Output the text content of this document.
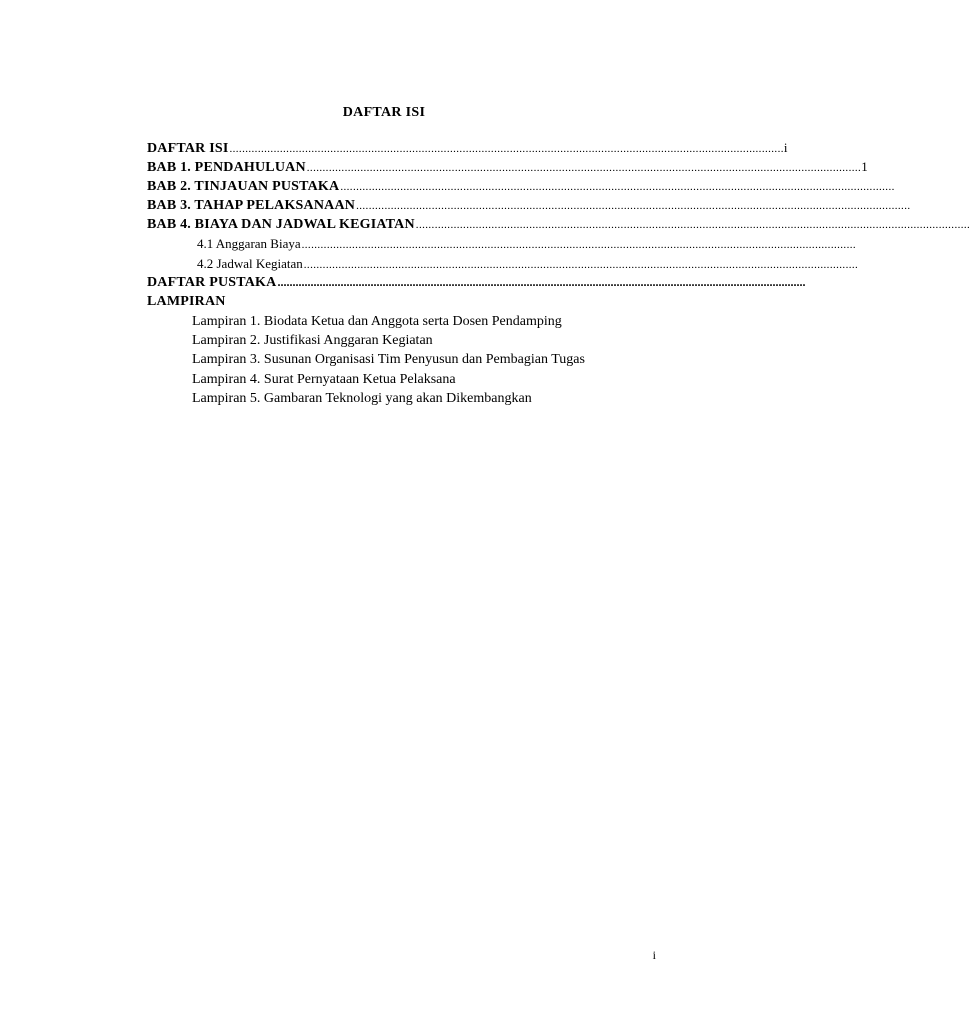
DAFTAR ISI
DAFTAR ISI ................................................................................................................................................................................ i
BAB 1. PENDAHULUAN ................................................................................................................................................................................ 1
BAB 2. TINJAUAN PUSTAKA ................................................................................................................................................................................
BAB 3. TAHAP PELAKSANAAN ................................................................................................................................................................................
BAB 4. BIAYA DAN JADWAL KEGIATAN ................................................................................................................................................................................
4.1 Anggaran Biaya ................................................................................................................................................................................
4.2 Jadwal Kegiatan ................................................................................................................................................................................
DAFTAR PUSTAKA ................................................................................................................................................................................
LAMPIRAN
Lampiran 1. Biodata Ketua dan Anggota serta Dosen Pendamping
Lampiran 2. Justifikasi Anggaran Kegiatan
Lampiran 3. Susunan Organisasi Tim Penyusun dan Pembagian Tugas
Lampiran 4. Surat Pernyataan Ketua Pelaksana
Lampiran 5. Gambaran Teknologi yang akan Dikembangkan
i
